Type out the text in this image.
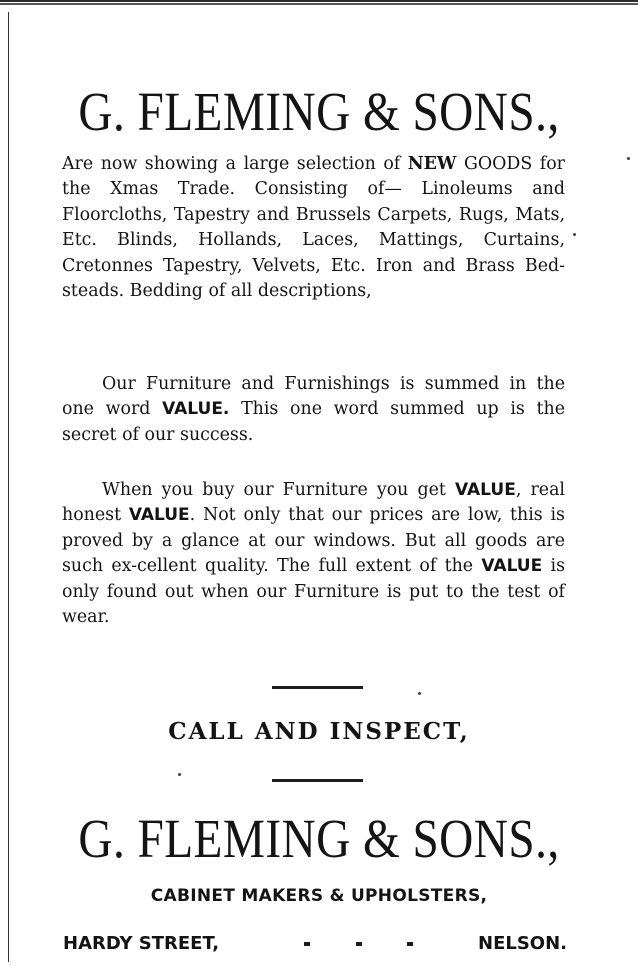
G. FLEMING & SONS.,

Are now showing a large selection of NEW GOODS for the Xmas Trade. Consisting of— Linoleums and Floorcloths, Tapestry and Brussels Carpets, Rugs, Mats, Etc. Blinds, Hollands, Laces, Mattings, Curtains, Cretonnes Tapestry, Velvets, Etc. Iron and Brass Bed-steads. Bedding of all descriptions,

Our Furniture and Furnishings is summed in the one word VALUE. This one word summed up is the secret of our success.

When you buy our Furniture you get VALUE, real honest VALUE. Not only that our prices are low, this is proved by a glance at our windows. But all goods are such ex-cellent quality. The full extent of the VALUE is only found out when our Furniture is put to the test of wear.

CALL AND INSPECT,
G. FLEMING & SONS.,
CABINET MAKERS & UPHOLSTERS,
HARDY STREET,	NELSON.
